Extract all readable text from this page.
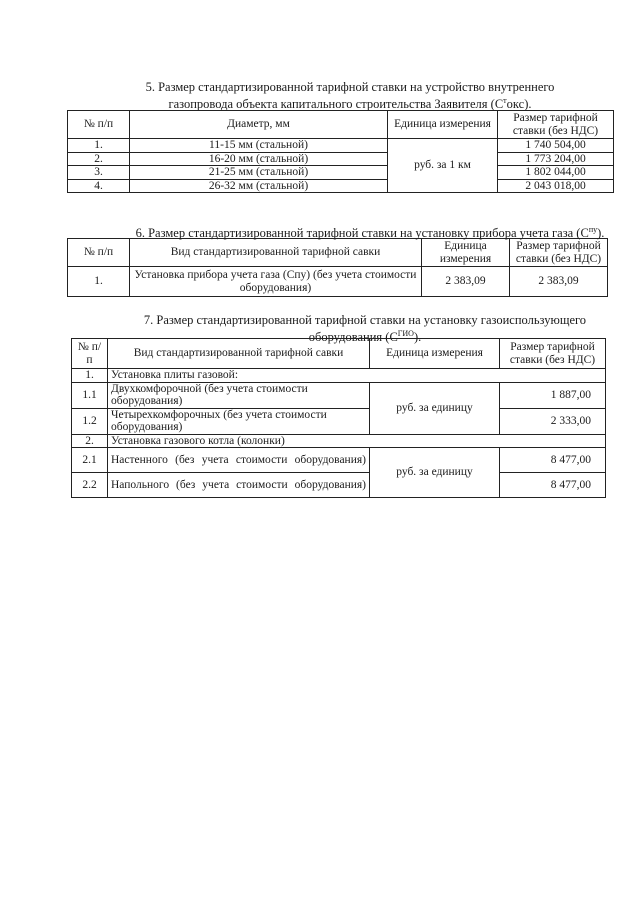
5. Размер стандартизированной тарифной ставки на устройство внутреннего
газопровода объекта капитального строительства Заявителя $(С^токс)$.
№ п/п	Диаметр, мм	Единица измерения	Размер тарифной ставки (без НДС)
1.	11-15 мм (стальной)	руб. за 1 км	1 740 504,00
2.	16-20 мм (стальной)		1 773 204,00
3.	21-25 мм (стальной)		1 802 044,00
4.	26-32 мм (стальной)		2 043 018,00
6. Размер стандартизированной тарифной ставки на установку прибора учета газа $(С^{пу})$.
№ п/п	Вид стандартизированной тарифной савки	Единица измерения	Размер тарифной ставки (без НДС)
1.	Установка прибора учета газа (Спу) (без учета стоимости оборудования)	2 383,09	2 383,09
7. Размер стандартизированной тарифной ставки на установку газоиспользующего
оборудования $(С^{ГИО})$.
№ п/п	Вид стандартизированной тарифной савки	Единица измерения	Размер тарифной ставки (без НДС)
1.	Установка плиты газовой:		
1.1	Двухкомфорочной (без учета стоимости оборудования)	руб. за единицу	1 887,00
1.2	Четырехкомфорочных (без учета стоимости оборудования)		2 333,00
2.	Установка газового котла (колонки)		
2.1	Настенного (без учета стоимости оборудования)	руб. за единицу	8 477,00
2.2	Напольного (без учета стоимости оборудования)		8 477,00
